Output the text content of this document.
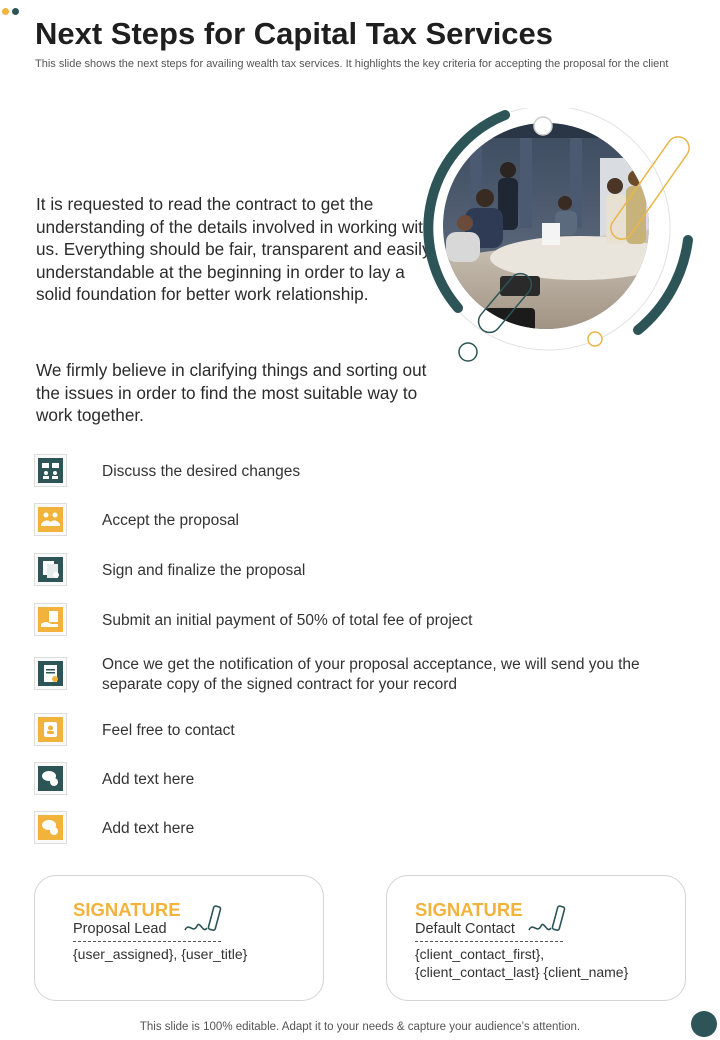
Next Steps for Capital Tax Services

This slide shows the next steps for availing wealth tax services. It highlights the key criteria for accepting the proposal for the client

It is requested to read the contract to get the understanding of the details involved in working with us. Everything should be fair, transparent and easily understandable at the beginning in order to lay a solid foundation for better work relationship.

We firmly believe in clarifying things and sorting out the issues in order to find the most suitable way to work together.

Discuss the desired changes
Accept the proposal
Sign and finalize the proposal
Submit an initial payment of 50% of total fee of project
Once we get the notification of your proposal acceptance, we will send you the separate copy of the signed contract for your record
Feel free to contact
Add text here
Add text here
SIGNATURE
Proposal Lead
{user_assigned}, {user_title}
SIGNATURE
Default Contact
{client_contact_first},
{client_contact_last} {client_name}
This slide is 100% editable. Adapt it to your needs & capture your audience’s attention.
